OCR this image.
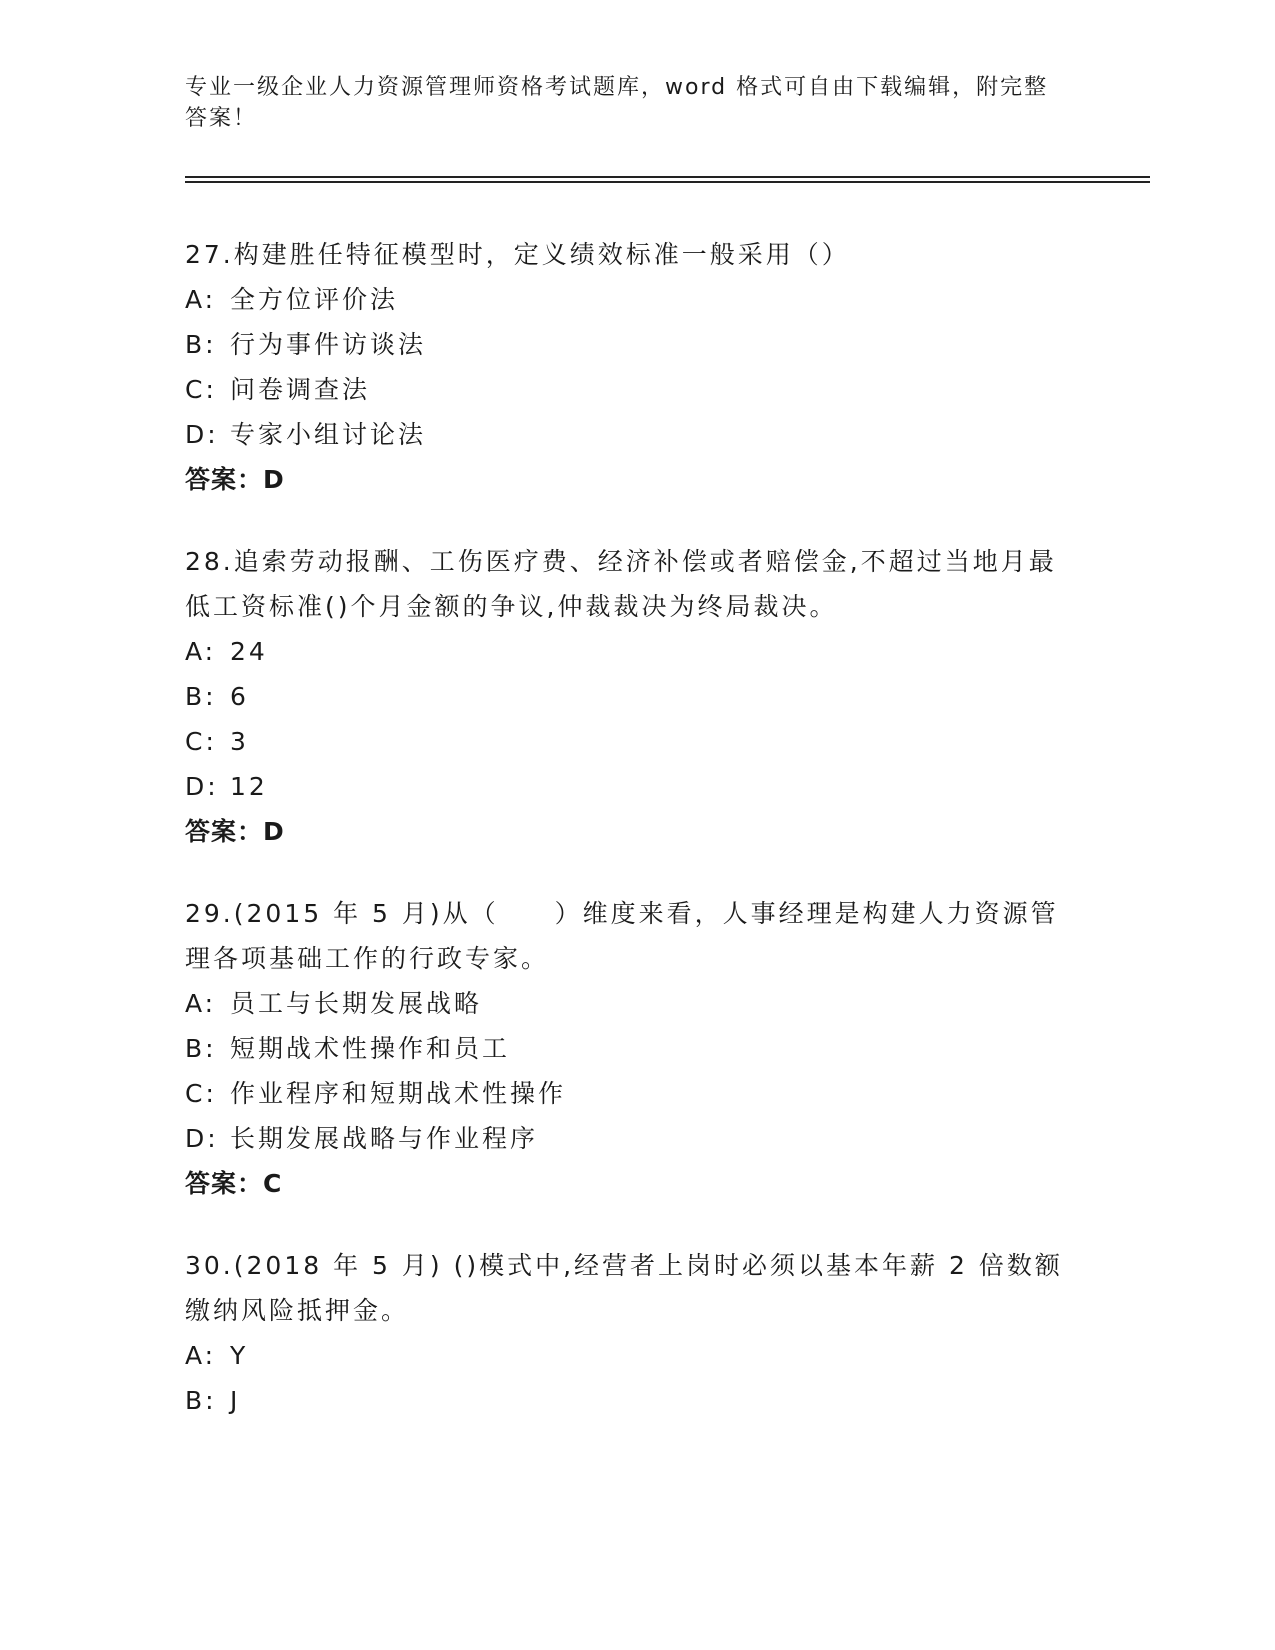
专业一级企业人力资源管理师资格考试题库，word 格式可自由下载编辑，附完整答案！
27.构建胜任特征模型时，定义绩效标准一般采用（）
A: 全方位评价法
B: 行为事件访谈法
C: 问卷调查法
D: 专家小组讨论法
答案：D
28.追索劳动报酬、工伤医疗费、经济补偿或者赔偿金,不超过当地月最低工资标准()个月金额的争议,仲裁裁决为终局裁决。
A: 24
B: 6
C: 3
D: 12
答案：D
29.(2015 年 5 月)从（　　）维度来看，人事经理是构建人力资源管理各项基础工作的行政专家。
A: 员工与长期发展战略
B: 短期战术性操作和员工
C: 作业程序和短期战术性操作
D: 长期发展战略与作业程序
答案：C
30.(2018 年 5 月) ()模式中,经营者上岗时必须以基本年薪 2 倍数额缴纳风险抵押金。
A: Y
B: J
